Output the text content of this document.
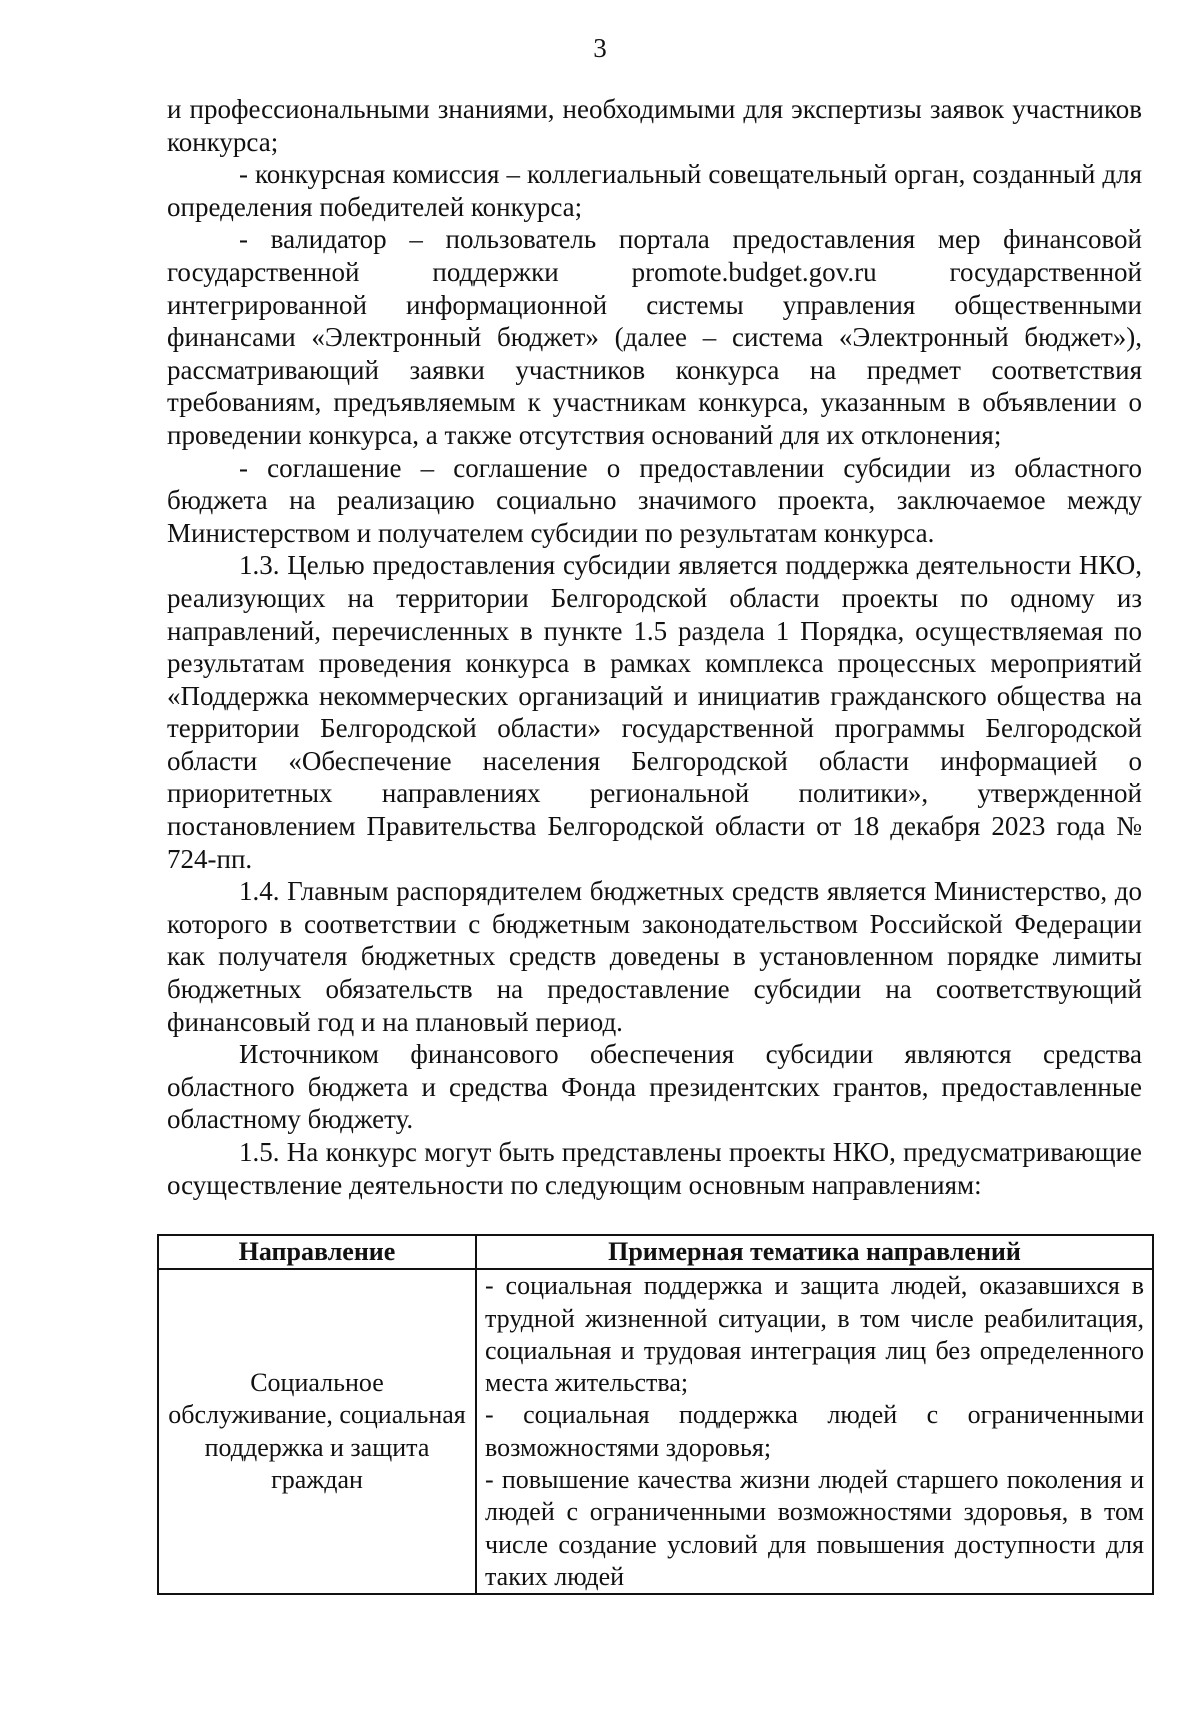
3

и профессиональными знаниями, необходимыми для экспертизы заявок участников конкурса;

- конкурсная комиссия – коллегиальный совещательный орган, созданный для определения победителей конкурса;

- валидатор – пользователь портала предоставления мер финансовой государственной поддержки promote.budget.gov.ru государственной интегрированной информационной системы управления общественными финансами «Электронный бюджет» (далее – система «Электронный бюджет»), рассматривающий заявки участников конкурса на предмет соответствия требованиям, предъявляемым к участникам конкурса, указанным в объявлении о проведении конкурса, а также отсутствия оснований для их отклонения;

- соглашение – соглашение о предоставлении субсидии из областного бюджета на реализацию социально значимого проекта, заключаемое между Министерством и получателем субсидии по результатам конкурса.

1.3. Целью предоставления субсидии является поддержка деятельности НКО, реализующих на территории Белгородской области проекты по одному из направлений, перечисленных в пункте 1.5 раздела 1 Порядка, осуществляемая по результатам проведения конкурса в рамках комплекса процессных мероприятий «Поддержка некоммерческих организаций и инициатив гражданского общества на территории Белгородской области» государственной программы Белгородской области «Обеспечение населения Белгородской области информацией о приоритетных направлениях региональной политики», утвержденной постановлением Правительства Белгородской области от 18 декабря 2023 года № 724-пп.

1.4. Главным распорядителем бюджетных средств является Министерство, до которого в соответствии с бюджетным законодательством Российской Федерации как получателя бюджетных средств доведены в установленном порядке лимиты бюджетных обязательств на предоставление субсидии на соответствующий финансовый год и на плановый период.

Источником финансового обеспечения субсидии являются средства областного бюджета и средства Фонда президентских грантов, предоставленные областному бюджету.

1.5. На конкурс могут быть представлены проекты НКО, предусматривающие осуществление деятельности по следующим основным направлениям:

Направление	Примерная тематика направлений
Социальное обслуживание, социальная поддержка и защита граждан	- социальная поддержка и защита людей, оказавшихся в трудной жизненной ситуации, в том числе реабилитация, социальная и трудовая интеграция лиц без определенного места жительства;
- социальная поддержка людей с ограниченными возможностями здоровья;
- повышение качества жизни людей старшего поколения и людей с ограниченными возможностями здоровья, в том числе создание условий для повышения доступности для таких людей
